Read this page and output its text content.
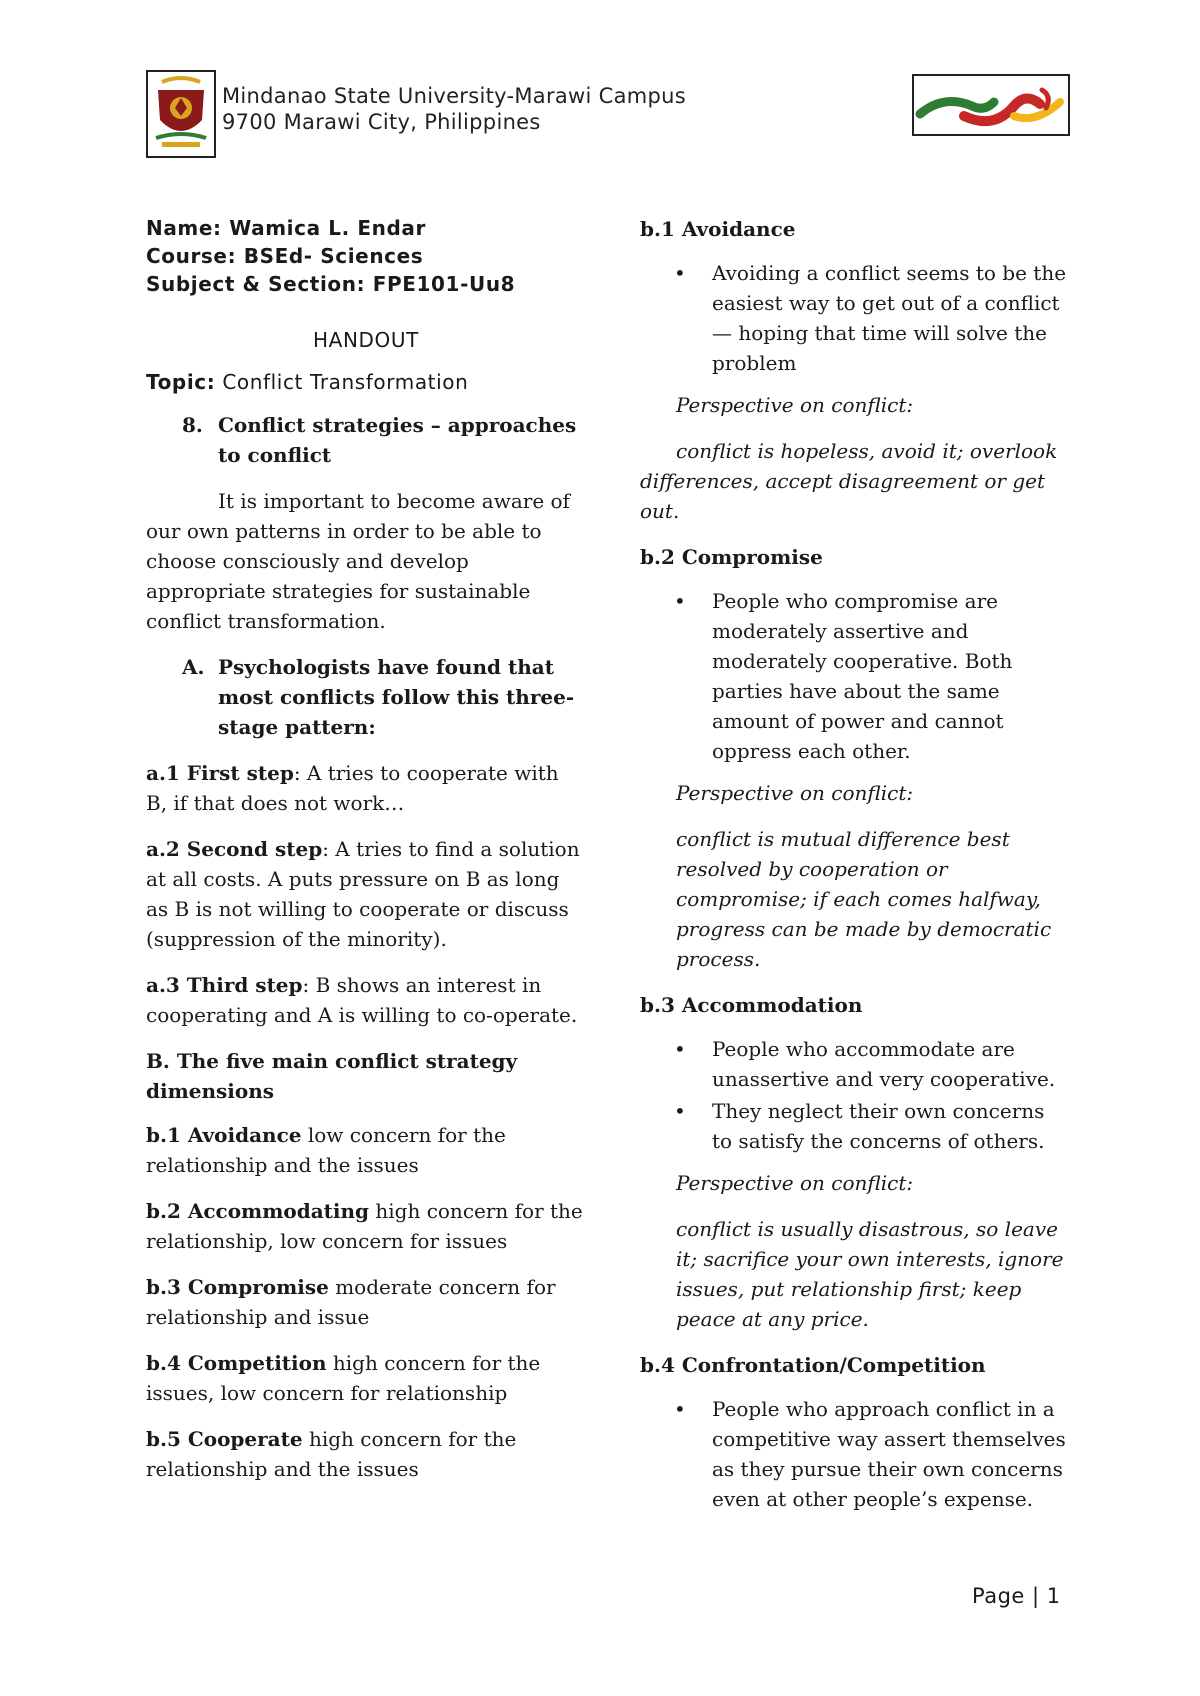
Mindanao State University-Marawi Campus
9700 Marawi City, Philippines
Name: Wamica L. Endar
Course: BSEd- Sciences
Subject & Section: FPE101-Uu8
HANDOUT
Topic: Conflict Transformation
8. Conflict strategies – approaches to conflict
It is important to become aware of our own patterns in order to be able to choose consciously and develop appropriate strategies for sustainable conflict transformation.
A. Psychologists have found that most conflicts follow this three-stage pattern:
a.1 First step: A tries to cooperate with B, if that does not work…
a.2 Second step: A tries to find a solution at all costs. A puts pressure on B as long as B is not willing to cooperate or discuss (suppression of the minority).
a.3 Third step: B shows an interest in cooperating and A is willing to co-operate.
B. The five main conflict strategy dimensions
b.1 Avoidance low concern for the relationship and the issues
b.2 Accommodating high concern for the relationship, low concern for issues
b.3 Compromise moderate concern for relationship and issue
b.4 Competition high concern for the issues, low concern for relationship
b.5 Cooperate high concern for the relationship and the issues
b.1 Avoidance
• Avoiding a conflict seems to be the easiest way to get out of a conflict — hoping that time will solve the problem
Perspective on conflict:
conflict is hopeless, avoid it; overlook differences, accept disagreement or get out.
b.2 Compromise
• People who compromise are moderately assertive and moderately cooperative. Both parties have about the same amount of power and cannot oppress each other.
Perspective on conflict:
conflict is mutual difference best resolved by cooperation or compromise; if each comes halfway, progress can be made by democratic process.
b.3 Accommodation
• People who accommodate are unassertive and very cooperative.
• They neglect their own concerns to satisfy the concerns of others.
Perspective on conflict:
conflict is usually disastrous, so leave it; sacrifice your own interests, ignore issues, put relationship first; keep peace at any price.
b.4 Confrontation/Competition
• People who approach conflict in a competitive way assert themselves as they pursue their own concerns even at other people’s expense.
Page | 1
